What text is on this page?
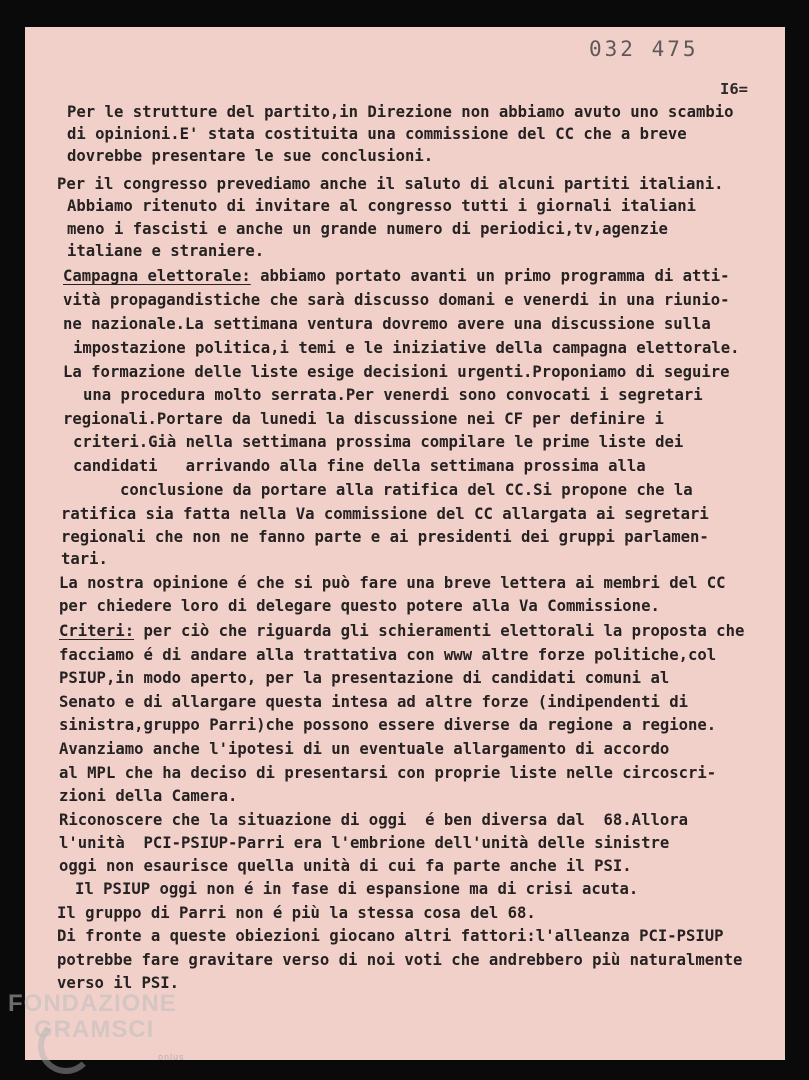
032 475

I6=

Per le strutture del partito,in Direzione non abbiamo avuto uno scambio
di opinioni.E' stata costituita una commissione del CC che a breve
dovrebbe presentare le sue conclusioni.
Per il congresso prevediamo anche il saluto di alcuni partiti italiani.
Abbiamo ritenuto di invitare al congresso tutti i giornali italiani
meno i fascisti e anche un grande numero di periodici,tv,agenzie
italiane e straniere.
Campagna elettorale: abbiamo portato avanti un primo programma di atti-
vità propagandistiche che sarà discusso domani e venerdi in una riunio-
ne nazionale.La settimana ventura dovremo avere una discussione sulla
impostazione politica,i temi e le iniziative della campagna elettorale.
La formazione delle liste esige decisioni urgenti.Proponiamo di seguire
una procedura molto serrata.Per venerdi sono convocati i segretari
regionali.Portare da lunedi la discussione nei CF per definire i
criteri.Già nella settimana prossima compilare le prime liste dei
candidati   arrivando alla fine della settimana prossima alla
conclusione da portare alla ratifica del CC.Si propone che la
ratifica sia fatta nella Va commissione del CC allargata ai segretari
regionali che non ne fanno parte e ai presidenti dei gruppi parlamen-
tari.
La nostra opinione é che si può fare una breve lettera ai membri del CC
per chiedere loro di delegare questo potere alla Va Commissione.
Criteri: per ciò che riguarda gli schieramenti elettorali la proposta che
facciamo é di andare alla trattativa con www altre forze politiche,col
PSIUP,in modo aperto, per la presentazione di candidati comuni al
Senato e di allargare questa intesa ad altre forze (indipendenti di
sinistra,gruppo Parri)che possono essere diverse da regione a regione.
Avanziamo anche l'ipotesi di un eventuale allargamento di accordo
al MPL che ha deciso di presentarsi con proprie liste nelle circoscri-
zioni della Camera.
Riconoscere che la situazione di oggi  é ben diversa dal  68.Allora
l'unità  PCI-PSIUP-Parri era l'embrione dell'unità delle sinistre
oggi non esaurisce quella unità di cui fa parte anche il PSI.
Il PSIUP oggi non é in fase di espansione ma di crisi acuta.
Il gruppo di Parri non é più la stessa cosa del 68.
Di fronte a queste obiezioni giocano altri fattori:l'alleanza PCI-PSIUP
potrebbe fare gravitare verso di noi voti che andrebbero più naturalmente
verso il PSI.

FONDAZIONE

GRAMSCI

onlus
